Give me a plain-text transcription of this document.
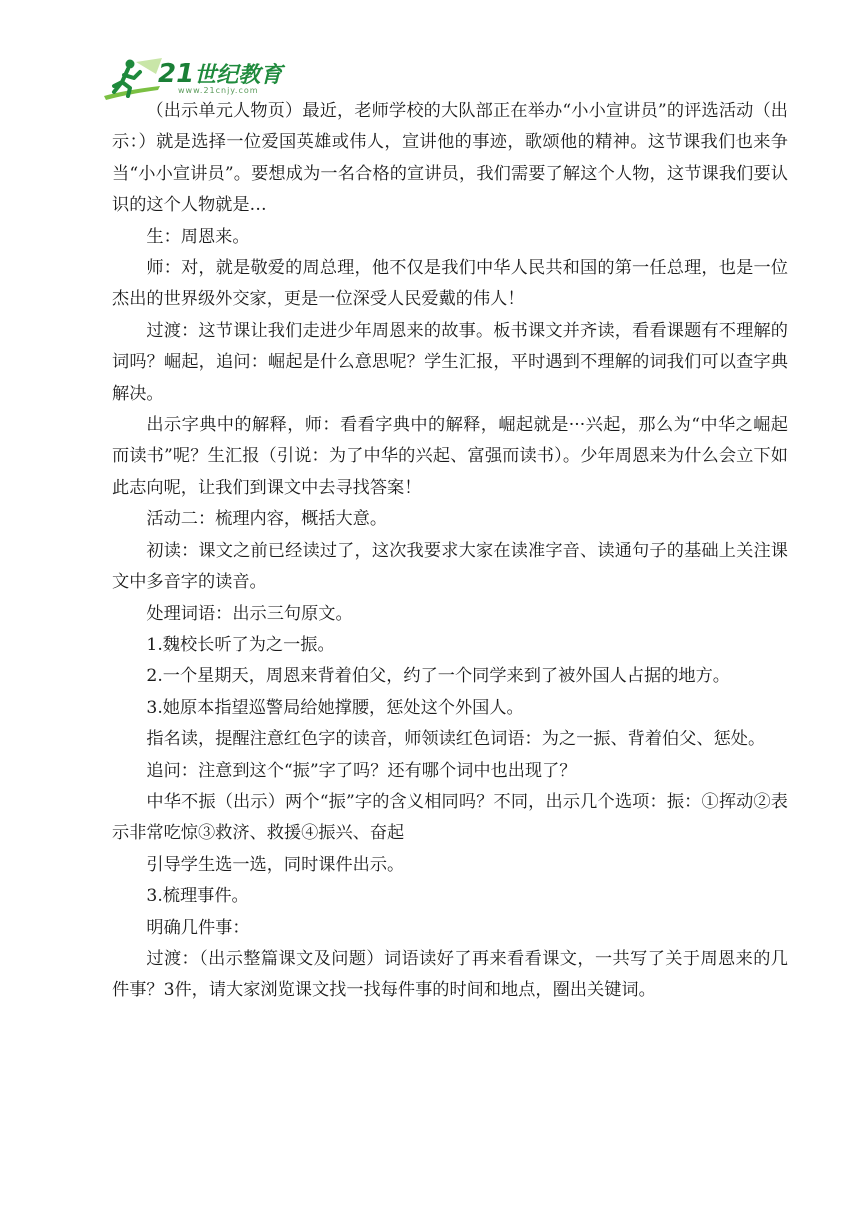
21世纪教育
www.21cnjy.com

（出示单元人物页）最近，老师学校的大队部正在举办“小小宣讲员”的评选活动（出示：）就是选择一位爱国英雄或伟人，宣讲他的事迹，歌颂他的精神。这节课我们也来争当“小小宣讲员”。要想成为一名合格的宣讲员，我们需要了解这个人物，这节课我们要认识的这个人物就是…

生：周恩来。

师：对，就是敬爱的周总理，他不仅是我们中华人民共和国的第一任总理，也是一位杰出的世界级外交家，更是一位深受人民爱戴的伟人！

过渡：这节课让我们走进少年周恩来的故事。板书课文并齐读，看看课题有不理解的词吗？崛起，追问：崛起是什么意思呢？学生汇报，平时遇到不理解的词我们可以查字典解决。

出示字典中的解释，师：看看字典中的解释，崛起就是···兴起，那么为“中华之崛起而读书”呢？生汇报（引说：为了中华的兴起、富强而读书）。少年周恩来为什么会立下如此志向呢，让我们到课文中去寻找答案！

活动二：梳理内容，概括大意。

初读：课文之前已经读过了，这次我要求大家在读准字音、读通句子的基础上关注课文中多音字的读音。

处理词语：出示三句原文。

1.魏校长听了为之一振。

2.一个星期天，周恩来背着伯父，约了一个同学来到了被外国人占据的地方。

3.她原本指望巡警局给她撑腰，惩处这个外国人。

指名读，提醒注意红色字的读音，师领读红色词语：为之一振、背着伯父、惩处。

追问：注意到这个“振”字了吗？还有哪个词中也出现了？

中华不振（出示）两个“振”字的含义相同吗？不同，出示几个选项：振：①挥动②表示非常吃惊③救济、救援④振兴、奋起

引导学生选一选，同时课件出示。

3.梳理事件。

明确几件事：

过渡：（出示整篇课文及问题）词语读好了再来看看课文，一共写了关于周恩来的几件事？3件，请大家浏览课文找一找每件事的时间和地点，圈出关键词。
